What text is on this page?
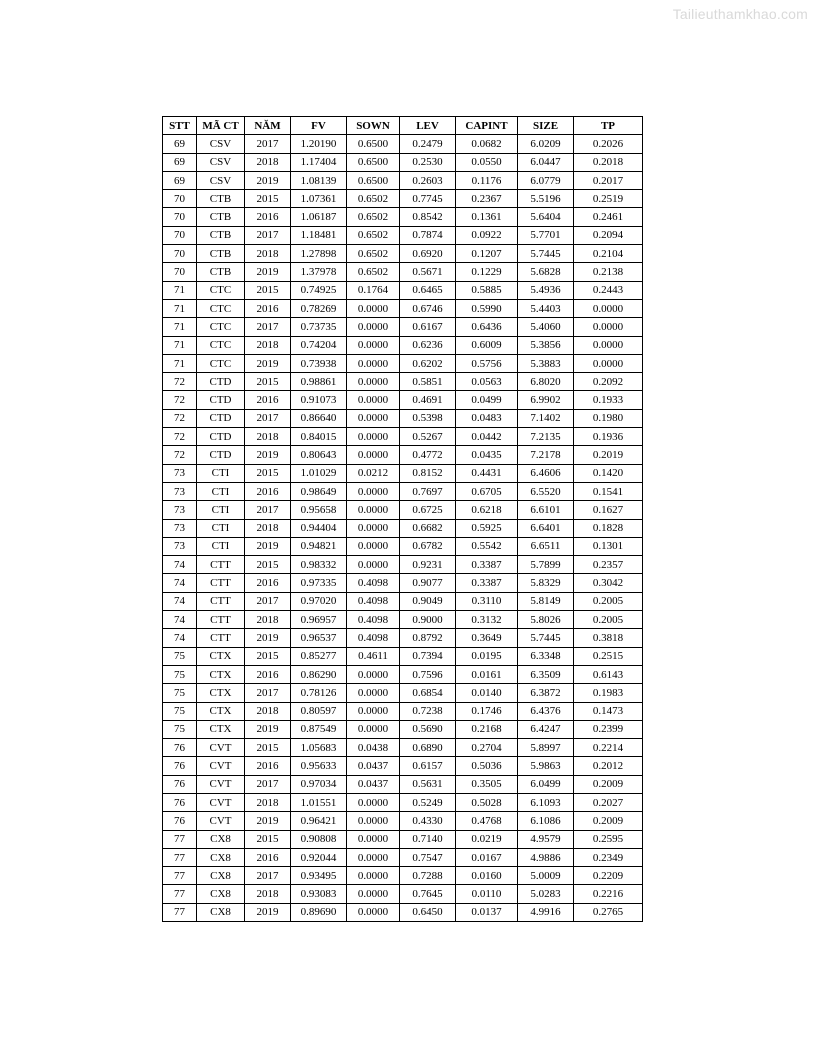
Tailieuthamkhao.com
STT	MÃ CT	NĂM	FV	SOWN	LEV	CAPINT	SIZE	TP
69	CSV	2017	1.20190	0.6500	0.2479	0.0682	6.0209	0.2026
69	CSV	2018	1.17404	0.6500	0.2530	0.0550	6.0447	0.2018
69	CSV	2019	1.08139	0.6500	0.2603	0.1176	6.0779	0.2017
70	CTB	2015	1.07361	0.6502	0.7745	0.2367	5.5196	0.2519
70	CTB	2016	1.06187	0.6502	0.8542	0.1361	5.6404	0.2461
70	CTB	2017	1.18481	0.6502	0.7874	0.0922	5.7701	0.2094
70	CTB	2018	1.27898	0.6502	0.6920	0.1207	5.7445	0.2104
70	CTB	2019	1.37978	0.6502	0.5671	0.1229	5.6828	0.2138
71	CTC	2015	0.74925	0.1764	0.6465	0.5885	5.4936	0.2443
71	CTC	2016	0.78269	0.0000	0.6746	0.5990	5.4403	0.0000
71	CTC	2017	0.73735	0.0000	0.6167	0.6436	5.4060	0.0000
71	CTC	2018	0.74204	0.0000	0.6236	0.6009	5.3856	0.0000
71	CTC	2019	0.73938	0.0000	0.6202	0.5756	5.3883	0.0000
72	CTD	2015	0.98861	0.0000	0.5851	0.0563	6.8020	0.2092
72	CTD	2016	0.91073	0.0000	0.4691	0.0499	6.9902	0.1933
72	CTD	2017	0.86640	0.0000	0.5398	0.0483	7.1402	0.1980
72	CTD	2018	0.84015	0.0000	0.5267	0.0442	7.2135	0.1936
72	CTD	2019	0.80643	0.0000	0.4772	0.0435	7.2178	0.2019
73	CTI	2015	1.01029	0.0212	0.8152	0.4431	6.4606	0.1420
73	CTI	2016	0.98649	0.0000	0.7697	0.6705	6.5520	0.1541
73	CTI	2017	0.95658	0.0000	0.6725	0.6218	6.6101	0.1627
73	CTI	2018	0.94404	0.0000	0.6682	0.5925	6.6401	0.1828
73	CTI	2019	0.94821	0.0000	0.6782	0.5542	6.6511	0.1301
74	CTT	2015	0.98332	0.0000	0.9231	0.3387	5.7899	0.2357
74	CTT	2016	0.97335	0.4098	0.9077	0.3387	5.8329	0.3042
74	CTT	2017	0.97020	0.4098	0.9049	0.3110	5.8149	0.2005
74	CTT	2018	0.96957	0.4098	0.9000	0.3132	5.8026	0.2005
74	CTT	2019	0.96537	0.4098	0.8792	0.3649	5.7445	0.3818
75	CTX	2015	0.85277	0.4611	0.7394	0.0195	6.3348	0.2515
75	CTX	2016	0.86290	0.0000	0.7596	0.0161	6.3509	0.6143
75	CTX	2017	0.78126	0.0000	0.6854	0.0140	6.3872	0.1983
75	CTX	2018	0.80597	0.0000	0.7238	0.1746	6.4376	0.1473
75	CTX	2019	0.87549	0.0000	0.5690	0.2168	6.4247	0.2399
76	CVT	2015	1.05683	0.0438	0.6890	0.2704	5.8997	0.2214
76	CVT	2016	0.95633	0.0437	0.6157	0.5036	5.9863	0.2012
76	CVT	2017	0.97034	0.0437	0.5631	0.3505	6.0499	0.2009
76	CVT	2018	1.01551	0.0000	0.5249	0.5028	6.1093	0.2027
76	CVT	2019	0.96421	0.0000	0.4330	0.4768	6.1086	0.2009
77	CX8	2015	0.90808	0.0000	0.7140	0.0219	4.9579	0.2595
77	CX8	2016	0.92044	0.0000	0.7547	0.0167	4.9886	0.2349
77	CX8	2017	0.93495	0.0000	0.7288	0.0160	5.0009	0.2209
77	CX8	2018	0.93083	0.0000	0.7645	0.0110	5.0283	0.2216
77	CX8	2019	0.89690	0.0000	0.6450	0.0137	4.9916	0.2765
